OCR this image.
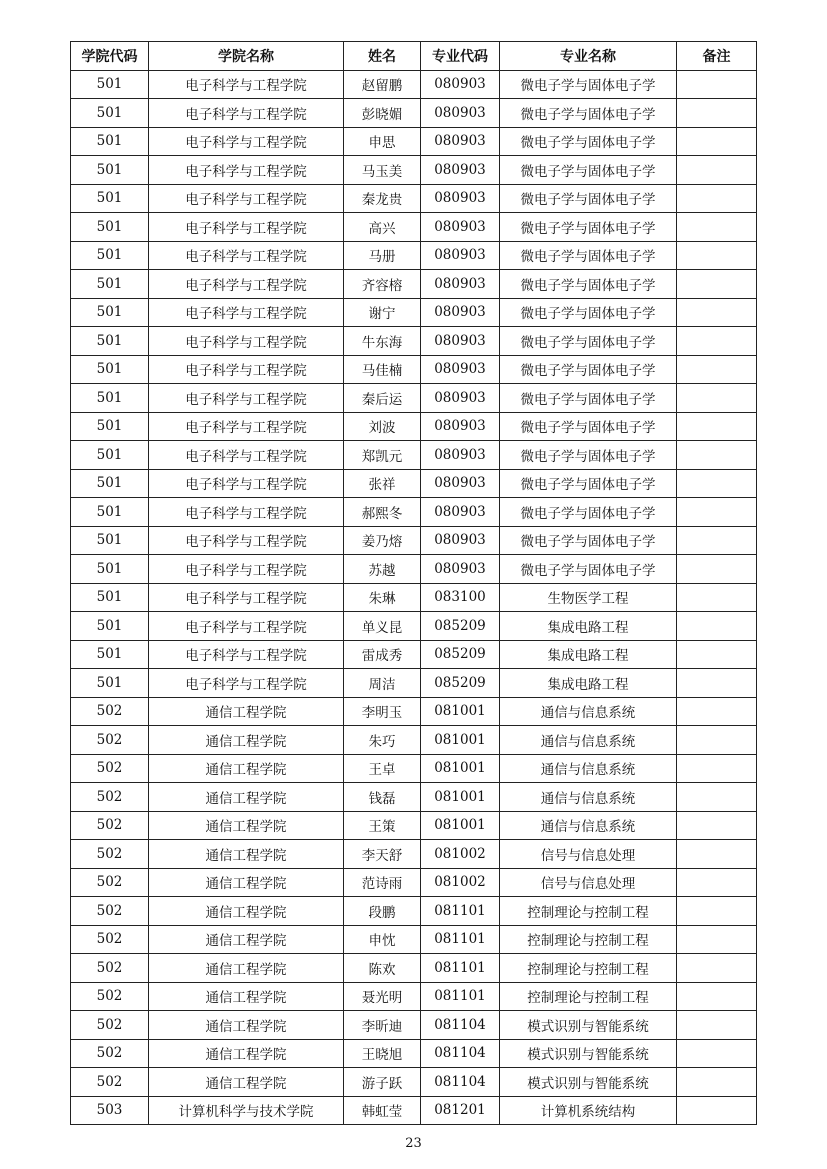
学院代码	学院名称	姓名	专业代码	专业名称	备注
501	电子科学与工程学院	赵留鹏	080903	微电子学与固体电子学	
501	电子科学与工程学院	彭晓媚	080903	微电子学与固体电子学	
501	电子科学与工程学院	申思	080903	微电子学与固体电子学	
501	电子科学与工程学院	马玉美	080903	微电子学与固体电子学	
501	电子科学与工程学院	秦龙贵	080903	微电子学与固体电子学	
501	电子科学与工程学院	高兴	080903	微电子学与固体电子学	
501	电子科学与工程学院	马册	080903	微电子学与固体电子学	
501	电子科学与工程学院	齐容榕	080903	微电子学与固体电子学	
501	电子科学与工程学院	谢宁	080903	微电子学与固体电子学	
501	电子科学与工程学院	牛东海	080903	微电子学与固体电子学	
501	电子科学与工程学院	马佳楠	080903	微电子学与固体电子学	
501	电子科学与工程学院	秦后运	080903	微电子学与固体电子学	
501	电子科学与工程学院	刘波	080903	微电子学与固体电子学	
501	电子科学与工程学院	郑凯元	080903	微电子学与固体电子学	
501	电子科学与工程学院	张祥	080903	微电子学与固体电子学	
501	电子科学与工程学院	郝熙冬	080903	微电子学与固体电子学	
501	电子科学与工程学院	姜乃熔	080903	微电子学与固体电子学	
501	电子科学与工程学院	苏越	080903	微电子学与固体电子学	
501	电子科学与工程学院	朱琳	083100	生物医学工程	
501	电子科学与工程学院	单义昆	085209	集成电路工程	
501	电子科学与工程学院	雷成秀	085209	集成电路工程	
501	电子科学与工程学院	周洁	085209	集成电路工程	
502	通信工程学院	李明玉	081001	通信与信息系统	
502	通信工程学院	朱巧	081001	通信与信息系统	
502	通信工程学院	王卓	081001	通信与信息系统	
502	通信工程学院	钱磊	081001	通信与信息系统	
502	通信工程学院	王策	081001	通信与信息系统	
502	通信工程学院	李天舒	081002	信号与信息处理	
502	通信工程学院	范诗雨	081002	信号与信息处理	
502	通信工程学院	段鹏	081101	控制理论与控制工程	
502	通信工程学院	申忱	081101	控制理论与控制工程	
502	通信工程学院	陈欢	081101	控制理论与控制工程	
502	通信工程学院	聂光明	081101	控制理论与控制工程	
502	通信工程学院	李昕迪	081104	模式识别与智能系统	
502	通信工程学院	王晓旭	081104	模式识别与智能系统	
502	通信工程学院	游子跃	081104	模式识别与智能系统	
503	计算机科学与技术学院	韩虹莹	081201	计算机系统结构	
23
